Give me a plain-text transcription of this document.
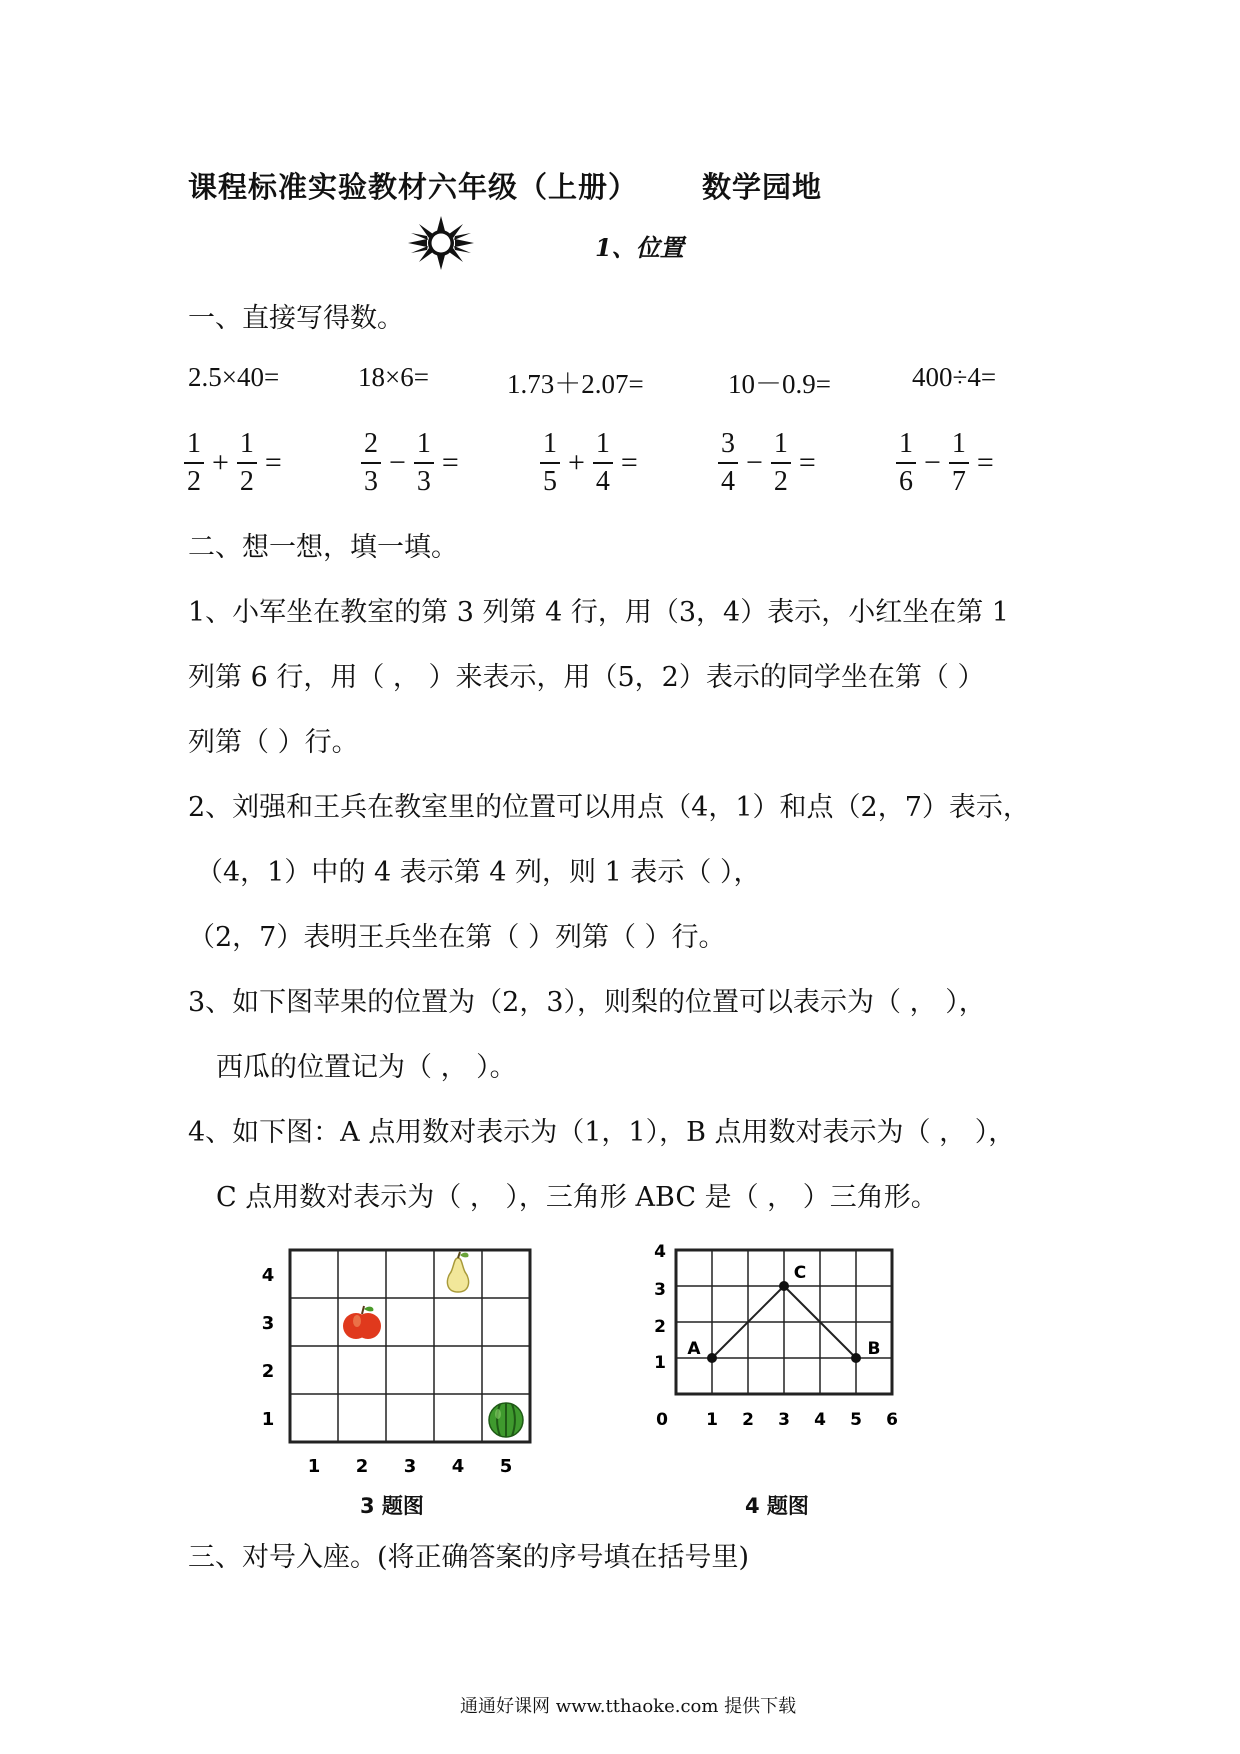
课程标准实验教材六年级（上册） 数学园地
1、位置
一、直接写得数。
2.5×40=	18×6=	1.73＋2.07=	10－0.9=	400÷4=
$\frac{1}{2} + \frac{1}{2}$ =	$\frac{2}{3} - \frac{1}{3}$ =	$\frac{1}{5} + \frac{1}{4}$ =	$\frac{3}{4} - \frac{1}{2}$ =	$\frac{1}{6} - \frac{1}{7}$ =
二、想一想，填一填。
1、小军坐在教室的第 3 列第 4 行，用（3，4）表示，小红坐在第 1
列第 6 行，用（ ， ）来表示，用（5，2）表示的同学坐在第（ ）
列第（ ）行。
2、刘强和王兵在教室里的位置可以用点（4，1）和点（2，7）表示，
（4，1）中的 4 表示第 4 列，则 1 表示（ ），
（2，7）表明王兵坐在第（ ）列第（ ）行。
3、如下图苹果的位置为（2，3），则梨的位置可以表示为（ ， ），
西瓜的位置记为（ ， ）。
4、如下图：A 点用数对表示为（1，1），B 点用数对表示为（ ， ），
C 点用数对表示为（ ， ），三角形 ABC 是（ ， ）三角形。
4
3
2
1
1 2 3 4 5
3 题图
4
3
2
1
0 1 2 3 4 5 6
A
C
B
4 题图
三、对号入座。(将正确答案的序号填在括号里)
通通好课网 www.tthaoke.com 提供下载
